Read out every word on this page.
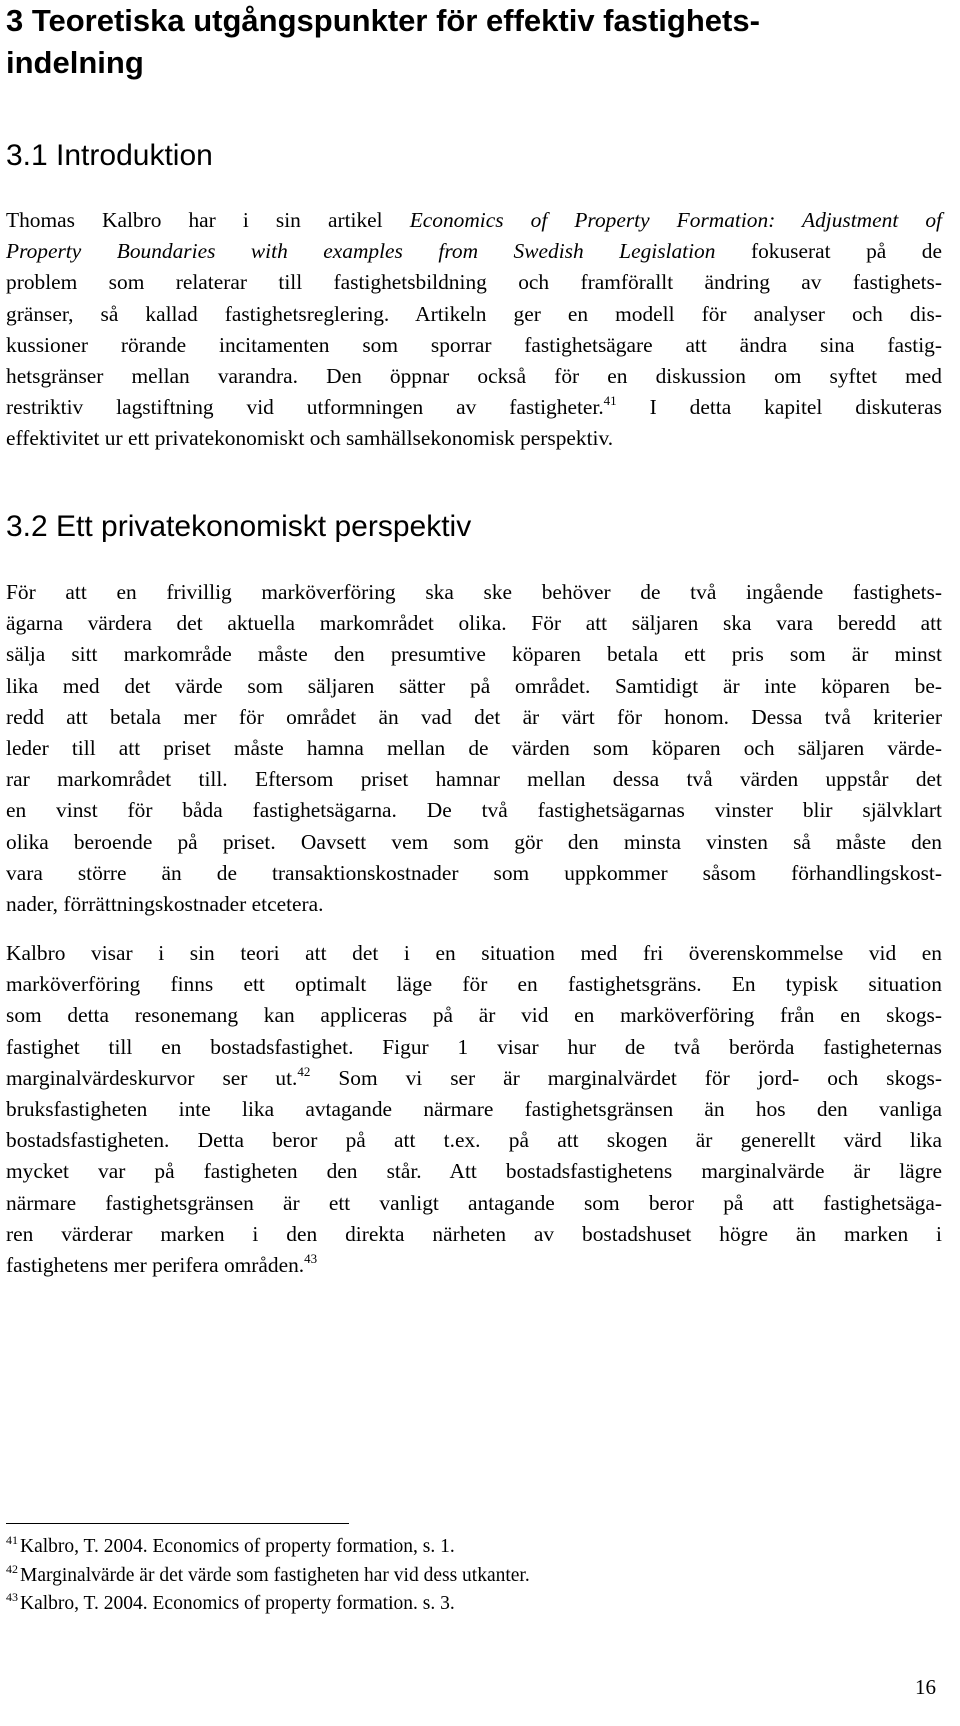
3 Teoretiska utgångspunkter för effektiv fastighets-
indelning
3.1 Introduktion

Thomas Kalbro har i sin artikel Economics of Property Formation: Adjustment of
Property Boundaries with examples from Swedish Legislation fokuserat på de
problem som relaterar till fastighetsbildning och framförallt ändring av fastighets-
gränser, så kallad fastighetsreglering. Artikeln ger en modell för analyser och dis-
kussioner rörande incitamenten som sporrar fastighetsägare att ändra sina fastig-
hetsgränser mellan varandra. Den öppnar också för en diskussion om syftet med
restriktiv lagstiftning vid utformningen av fastigheter.$^{41}$ I detta kapitel diskuteras
effektivitet ur ett privatekonomiskt och samhällsekonomisk perspektiv.

3.2 Ett privatekonomiskt perspektiv

För att en frivillig marköverföring ska ske behöver de två ingående fastighets-
ägarna värdera det aktuella markområdet olika. För att säljaren ska vara beredd att
sälja sitt markområde måste den presumtive köparen betala ett pris som är minst
lika med det värde som säljaren sätter på området. Samtidigt är inte köparen be-
redd att betala mer för området än vad det är värt för honom. Dessa två kriterier
leder till att priset måste hamna mellan de värden som köparen och säljaren värde-
rar markområdet till. Eftersom priset hamnar mellan dessa två värden uppstår det
en vinst för båda fastighetsägarna. De två fastighetsägarnas vinster blir självklart
olika beroende på priset. Oavsett vem som gör den minsta vinsten så måste den
vara större än de transaktionskostnader som uppkommer såsom förhandlingskost-
nader, förrättningskostnader etcetera.

Kalbro visar i sin teori att det i en situation med fri överenskommelse vid en
marköverföring finns ett optimalt läge för en fastighetsgräns. En typisk situation
som detta resonemang kan appliceras på är vid en marköverföring från en skogs-
fastighet till en bostadsfastighet. Figur 1 visar hur de två berörda fastigheternas
marginalvärdeskurvor ser ut.$^{42}$ Som vi ser är marginalvärdet för jord- och skogs-
bruksfastigheten inte lika avtagande närmare fastighetsgränsen än hos den vanliga
bostadsfastigheten. Detta beror på att t.ex. på att skogen är generellt värd lika
mycket var på fastigheten den står. Att bostadsfastighetens marginalvärde är lägre
närmare fastighetsgränsen är ett vanligt antagande som beror på att fastighetsäga-
ren värderar marken i den direkta närheten av bostadshuset högre än marken i
fastighetens mer perifera områden.$^{43}$

$^{41}$ Kalbro, T. 2004. Economics of property formation, s. 1.
$^{42}$ Marginalvärde är det värde som fastigheten har vid dess utkanter.
$^{43}$ Kalbro, T. 2004. Economics of property formation. s. 3.
16
